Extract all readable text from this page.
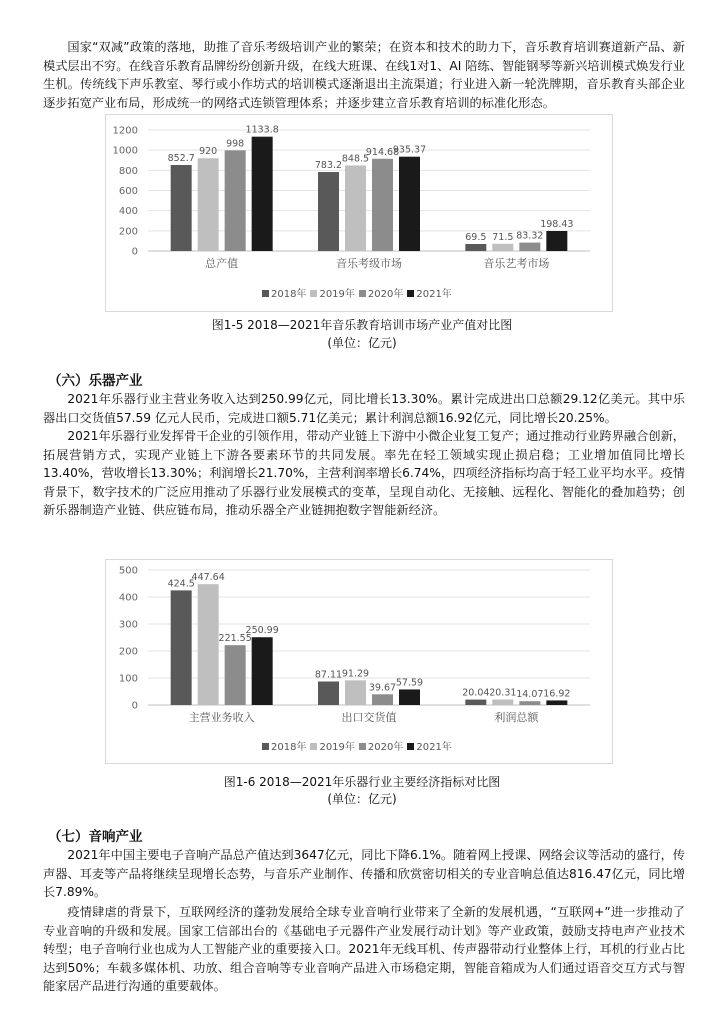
国家“双减”政策的落地，助推了音乐考级培训产业的繁荣；在资本和技术的助力下，音乐教育培训赛道新产品、新模式层出不穷。在线音乐教育品牌纷纷创新升级，在线大班课、在线1对1、AI 陪练、智能钢琴等新兴培训模式焕发行业生机。传统线下声乐教室、琴行或小作坊式的培训模式逐渐退出主流渠道；行业进入新一轮洗牌期，音乐教育头部企业逐步拓宽产业布局，形成统一的网络式连锁管理体系；并逐步建立音乐教育培训的标准化形态。

0
200
400
600
800
1000
1200
852.7
920
998
1133.8
总产值
783.2
848.5
914.68
935.37
音乐考级市场
69.5 71.5 83.32
198.43
音乐艺考市场
2018年 2019年 2020年 2021年
图1-5 2018—2021年音乐教育培训市场产业产值对比图
(单位：亿元)
（六）乐器产业

2021年乐器行业主营业务收入达到250.99亿元，同比增长13.30%。累计完成进出口总额29.12亿美元。其中乐器出口交货值57.59 亿元人民币，完成进口额5.71亿美元；累计利润总额16.92亿元，同比增长20.25%。

2021年乐器行业发挥骨干企业的引领作用，带动产业链上下游中小微企业复工复产；通过推动行业跨界融合创新，拓展营销方式，实现产业链上下游各要素环节的共同发展。率先在轻工领域实现止损启稳；工业增加值同比增长13.40%，营收增长13.30%；利润增长21.70%，主营利润率增长6.74%，四项经济指标均高于轻工业平均水平。疫情背景下，数字技术的广泛应用推动了乐器行业发展模式的变革，呈现自动化、无接触、远程化、智能化的叠加趋势；创新乐器制造产业链、供应链布局，推动乐器全产业链拥抱数字智能新经济。

0
100
200
300
400
500
424.5
447.64
221.55
250.99
主营业务收入
87.11 91.29
39.67 57.59
出口交货值
20.04 20.31 14.07 16.92
利润总额
2018年 2019年 2020年 2021年
图1-6 2018—2021年乐器行业主要经济指标对比图
(单位：亿元)
（七）音响产业

2021年中国主要电子音响产品总产值达到3647亿元，同比下降6.1%。随着网上授课、网络会议等活动的盛行，传声器、耳麦等产品将继续呈现增长态势，与音乐产业制作、传播和欣赏密切相关的专业音响总值达816.47亿元，同比增长7.89%。

疫情肆虐的背景下，互联网经济的蓬勃发展给全球专业音响行业带来了全新的发展机遇，“互联网+”进一步推动了专业音响的升级和发展。国家工信部出台的《基础电子元器件产业发展行动计划》等产业政策，鼓励支持电声产业技术转型；电子音响行业也成为人工智能产业的重要接入口。2021年无线耳机、传声器带动行业整体上行，耳机的行业占比达到50%；车载多媒体机、功放、组合音响等专业音响产品进入市场稳定期，智能音箱成为人们通过语音交互方式与智能家居产品进行沟通的重要载体。
